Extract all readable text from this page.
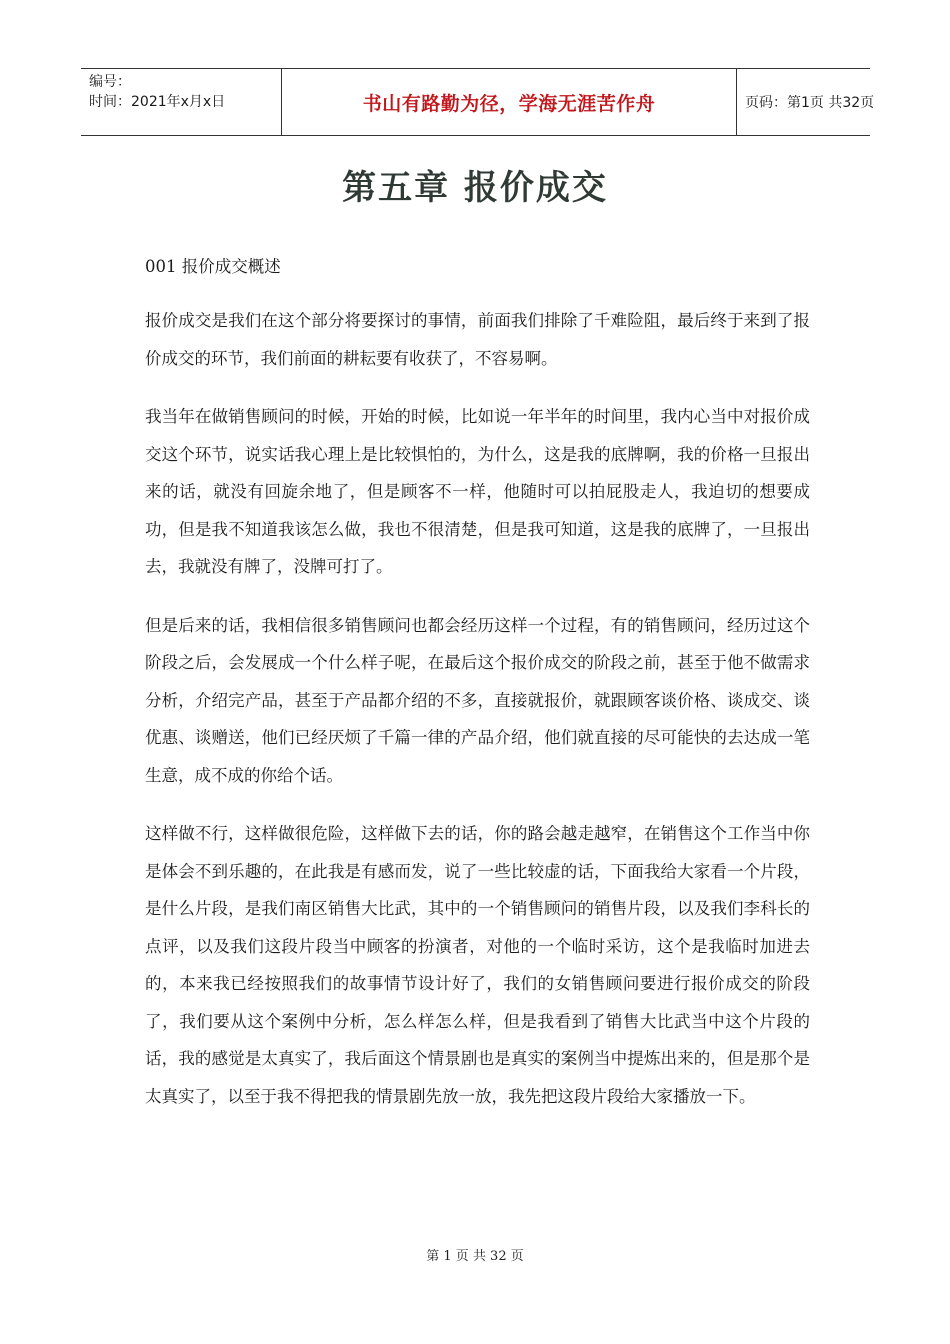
编号：
时间：2021年x月x日	书山有路勤为径，学海无涯苦作舟	页码：第1页 共32页
第五章 报价成交

001 报价成交概述

报价成交是我们在这个部分将要探讨的事情，前面我们排除了千难险阻，最后终于来到了报价成交的环节，我们前面的耕耘要有收获了，不容易啊。

我当年在做销售顾问的时候，开始的时候，比如说一年半年的时间里，我内心当中对报价成交这个环节，说实话我心理上是比较惧怕的，为什么，这是我的底牌啊，我的价格一旦报出来的话，就没有回旋余地了，但是顾客不一样，他随时可以拍屁股走人，我迫切的想要成功，但是我不知道我该怎么做，我也不很清楚，但是我可知道，这是我的底牌了，一旦报出去，我就没有牌了，没牌可打了。

但是后来的话，我相信很多销售顾问也都会经历这样一个过程，有的销售顾问，经历过这个阶段之后，会发展成一个什么样子呢，在最后这个报价成交的阶段之前，甚至于他不做需求分析，介绍完产品，甚至于产品都介绍的不多，直接就报价，就跟顾客谈价格、谈成交、谈优惠、谈赠送，他们已经厌烦了千篇一律的产品介绍，他们就直接的尽可能快的去达成一笔生意，成不成的你给个话。

这样做不行，这样做很危险，这样做下去的话，你的路会越走越窄，在销售这个工作当中你是体会不到乐趣的，在此我是有感而发，说了一些比较虚的话，下面我给大家看一个片段，是什么片段，是我们南区销售大比武，其中的一个销售顾问的销售片段，以及我们李科长的点评，以及我们这段片段当中顾客的扮演者，对他的一个临时采访，这个是我临时加进去的，本来我已经按照我们的故事情节设计好了，我们的女销售顾问要进行报价成交的阶段了，我们要从这个案例中分析，怎么样怎么样，但是我看到了销售大比武当中这个片段的话，我的感觉是太真实了，我后面这个情景剧也是真实的案例当中提炼出来的，但是那个是太真实了，以至于我不得把我的情景剧先放一放，我先把这段片段给大家播放一下。

第 1 页 共 32 页
